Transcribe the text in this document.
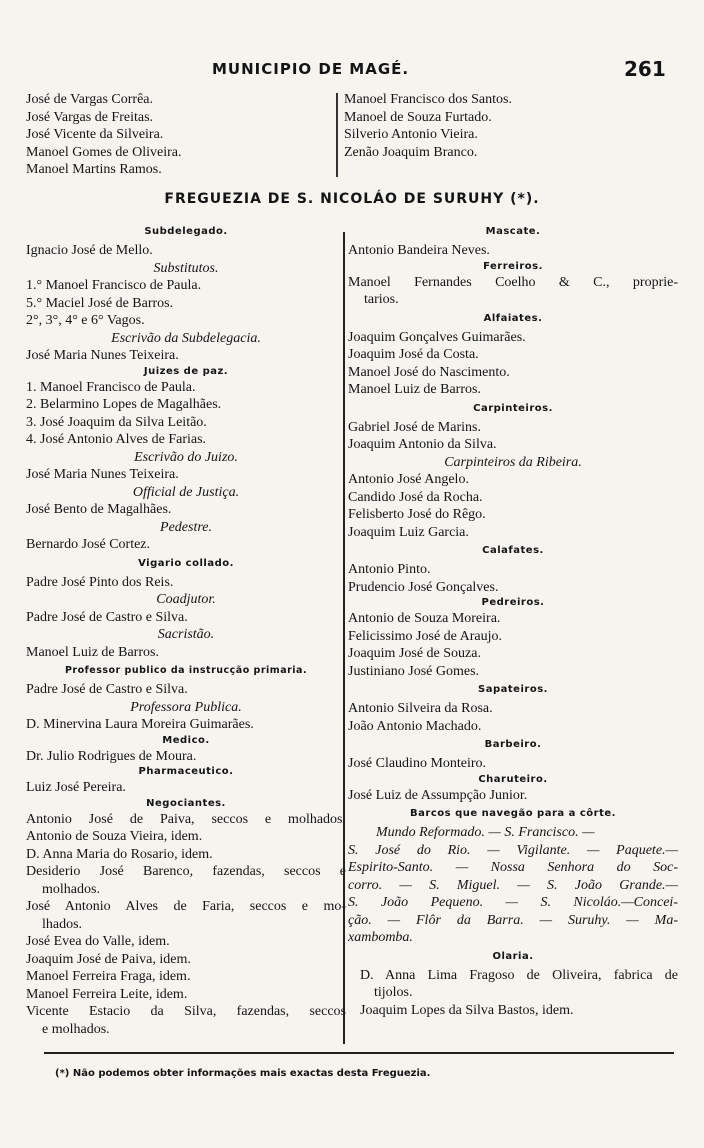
MUNICIPIO DE MAGÉ.	261
José de Vargas Corrêa.
José Vargas de Freitas.
José Vicente da Silveira.
Manoel Gomes de Oliveira.
Manoel Martins Ramos.
Manoel Francisco dos Santos.
Manoel de Souza Furtado.
Silverio Antonio Vieira.
Zenão Joaquim Branco.
FREGUEZIA DE S. NICOLÁO DE SURUHY (*).
Subdelegado.
Ignacio José de Mello.
Substitutos.
1.° Manoel Francisco de Paula.
5.° Maciel José de Barros.
2°, 3°, 4° e 6° Vagos.
Escrivão da Subdelegacia.
José Maria Nunes Teixeira.
Juizes de paz.
1. Manoel Francisco de Paula.
2. Belarmino Lopes de Magalhães.
3. José Joaquim da Silva Leitão.
4. José Antonio Alves de Farias.
Escrivão do Juizo.
José Maria Nunes Teixeira.
Official de Justiça.
José Bento de Magalhães.
Pedestre.
Bernardo José Cortez.
Vigario collado.
Padre José Pinto dos Reis.
Coadjutor.
Padre José de Castro e Silva.
Sacristão.
Manoel Luiz de Barros.
Professor publico da instrucção primaria.
Padre José de Castro e Silva.
Professora Publica.
D. Minervina Laura Moreira Guimarães.
Medico.
Dr. Julio Rodrigues de Moura.
Pharmaceutico.
Luiz José Pereira.
Negociantes.
Antonio José de Paiva, seccos e molhados.
Antonio de Souza Vieira, idem.
D. Anna Maria do Rosario, idem.
Desiderio José Barenco, fazendas, seccos e
molhados.
José Antonio Alves de Faria, seccos e mo-
lhados.
José Evea do Valle, idem.
Joaquim José de Paiva, idem.
Manoel Ferreira Fraga, idem.
Manoel Ferreira Leite, idem.
Vicente Estacio da Silva, fazendas, seccos
e molhados.
Mascate.
Antonio Bandeira Neves.
Ferreiros.
Manoel Fernandes Coelho & C., proprie-
tarios.
Alfaiates.
Joaquim Gonçalves Guimarães.
Joaquim José da Costa.
Manoel José do Nascimento.
Manoel Luiz de Barros.
Carpinteiros.
Gabriel José de Marins.
Joaquim Antonio da Silva.
Carpinteiros da Ribeira.
Antonio José Angelo.
Candido José da Rocha.
Felisberto José do Rêgo.
Joaquim Luiz Garcia.
Calafates.
Antonio Pinto.
Prudencio José Gonçalves.
Pedreiros.
Antonio de Souza Moreira.
Felicissimo José de Araujo.
Joaquim José de Souza.
Justiniano José Gomes.
Sapateiros.
Antonio Silveira da Rosa.
João Antonio Machado.
Barbeiro.
José Claudino Monteiro.
Charuteiro.
José Luiz de Assumpção Junior.
Barcos que navegão para a côrte.
Mundo Reformado. — S. Francisco. —
S. José do Rio. — Vigilante. — Paquete.—
Espirito-Santo. — Nossa Senhora do Soc-
corro. — S. Miguel. — S. João Grande.—
S. João Pequeno. — S. Nicoláo.—Concei-
ção. — Flôr da Barra. — Suruhy. — Ma-
xambomba.
Olaria.
D. Anna Lima Fragoso de Oliveira, fabrica de
tijolos.
Joaquim Lopes da Silva Bastos, idem.
(*) Não podemos obter informações mais exactas desta Freguezia.
